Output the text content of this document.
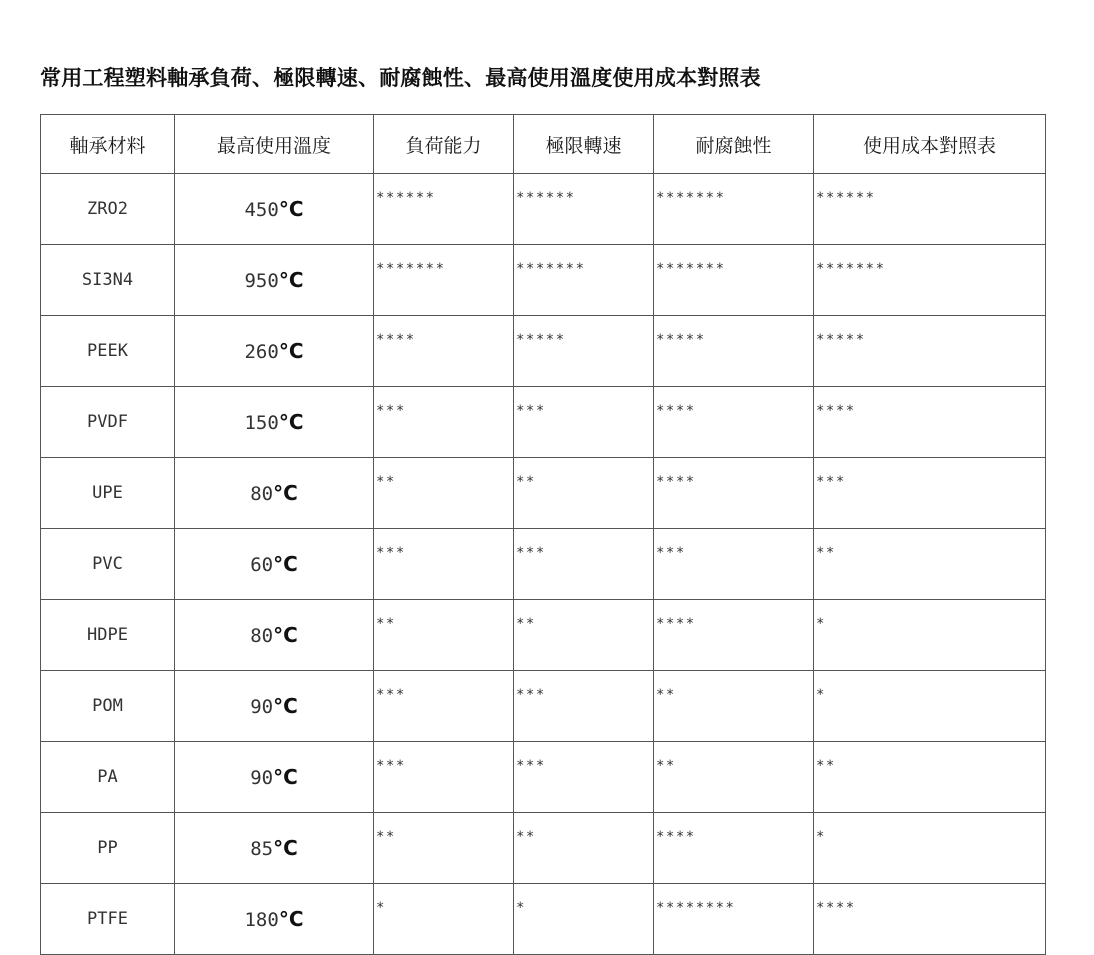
常用工程塑料軸承負荷、極限轉速、耐腐蝕性、最高使用溫度使用成本對照表
軸承材料	最高使用溫度	負荷能力	極限轉速	耐腐蝕性	使用成本對照表
ZRO2	450°C	******	******	*******	******
SI3N4	950°C	*******	*******	*******	*******
PEEK	260°C	****	*****	*****	*****
PVDF	150°C	***	***	****	****
UPE	80°C	**	**	****	***
PVC	60°C	***	***	***	**
HDPE	80°C	**	**	****	*
POM	90°C	***	***	**	*
PA	90°C	***	***	**	**
PP	85°C	**	**	****	*
PTFE	180°C	*	*	********	****
